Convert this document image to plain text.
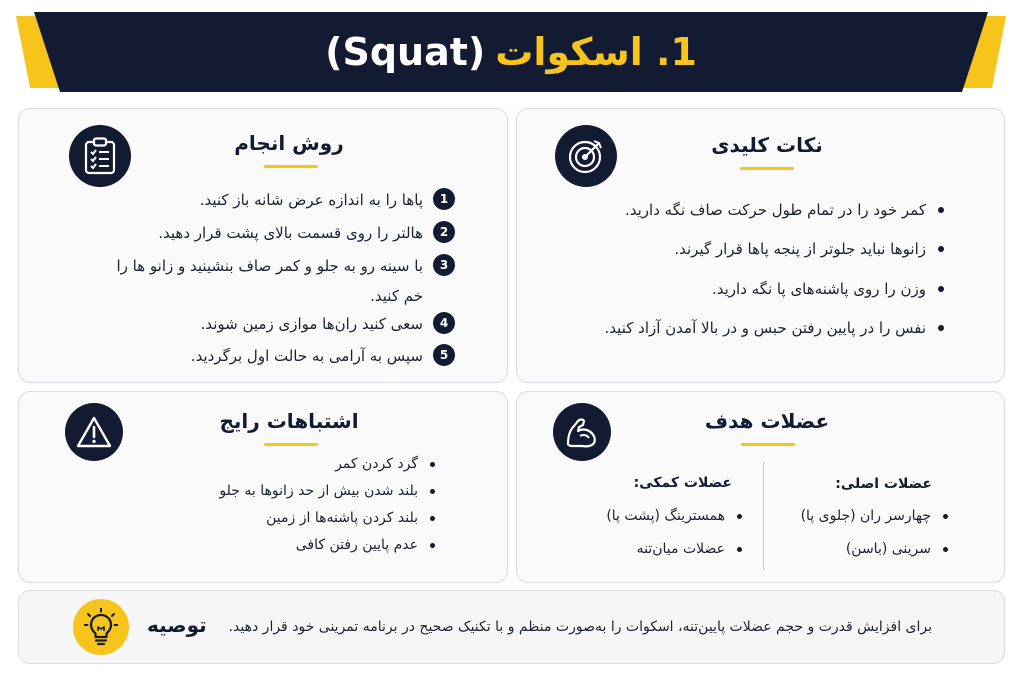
(Squat) 1. اسکوات
روش انجام
1
پاها را به اندازه عرض شانه باز کنید.
2
هالتر را روی قسمت بالای پشت قرار دهید.
3
با سینه رو به جلو و کمر صاف بنشینید و زانو ها را خم کنید.
4
سعی کنید ران‌ها موازی زمین شوند.
5
سپس به آرامی به حالت اول برگردید.
نکات کلیدی
کمر خود را در تمام طول حرکت صاف نگه دارید.
زانوها نباید جلوتر از پنجه پاها قرار گیرند.
وزن را روی پاشنه‌های پا نگه دارید.
نفس را در پایین رفتن حبس و در بالا آمدن آزاد کنید.
اشتباهات رایج
گرد کردن کمر
بلند شدن بیش از حد زانوها به جلو
بلند کردن پاشنه‌ها از زمین
عدم پایین رفتن کافی
عضلات هدف
عضلات اصلی:
چهارسر ران (جلوی پا)
سرینی (باسن)
عضلات کمکی:
همسترینگ (پشت پا)
عضلات میان‌تنه
توصیه برای افزایش قدرت و حجم عضلات پایین‌تنه، اسکوات را به‌صورت منظم و با تکنیک صحیح در برنامه تمرینی خود قرار دهید.
